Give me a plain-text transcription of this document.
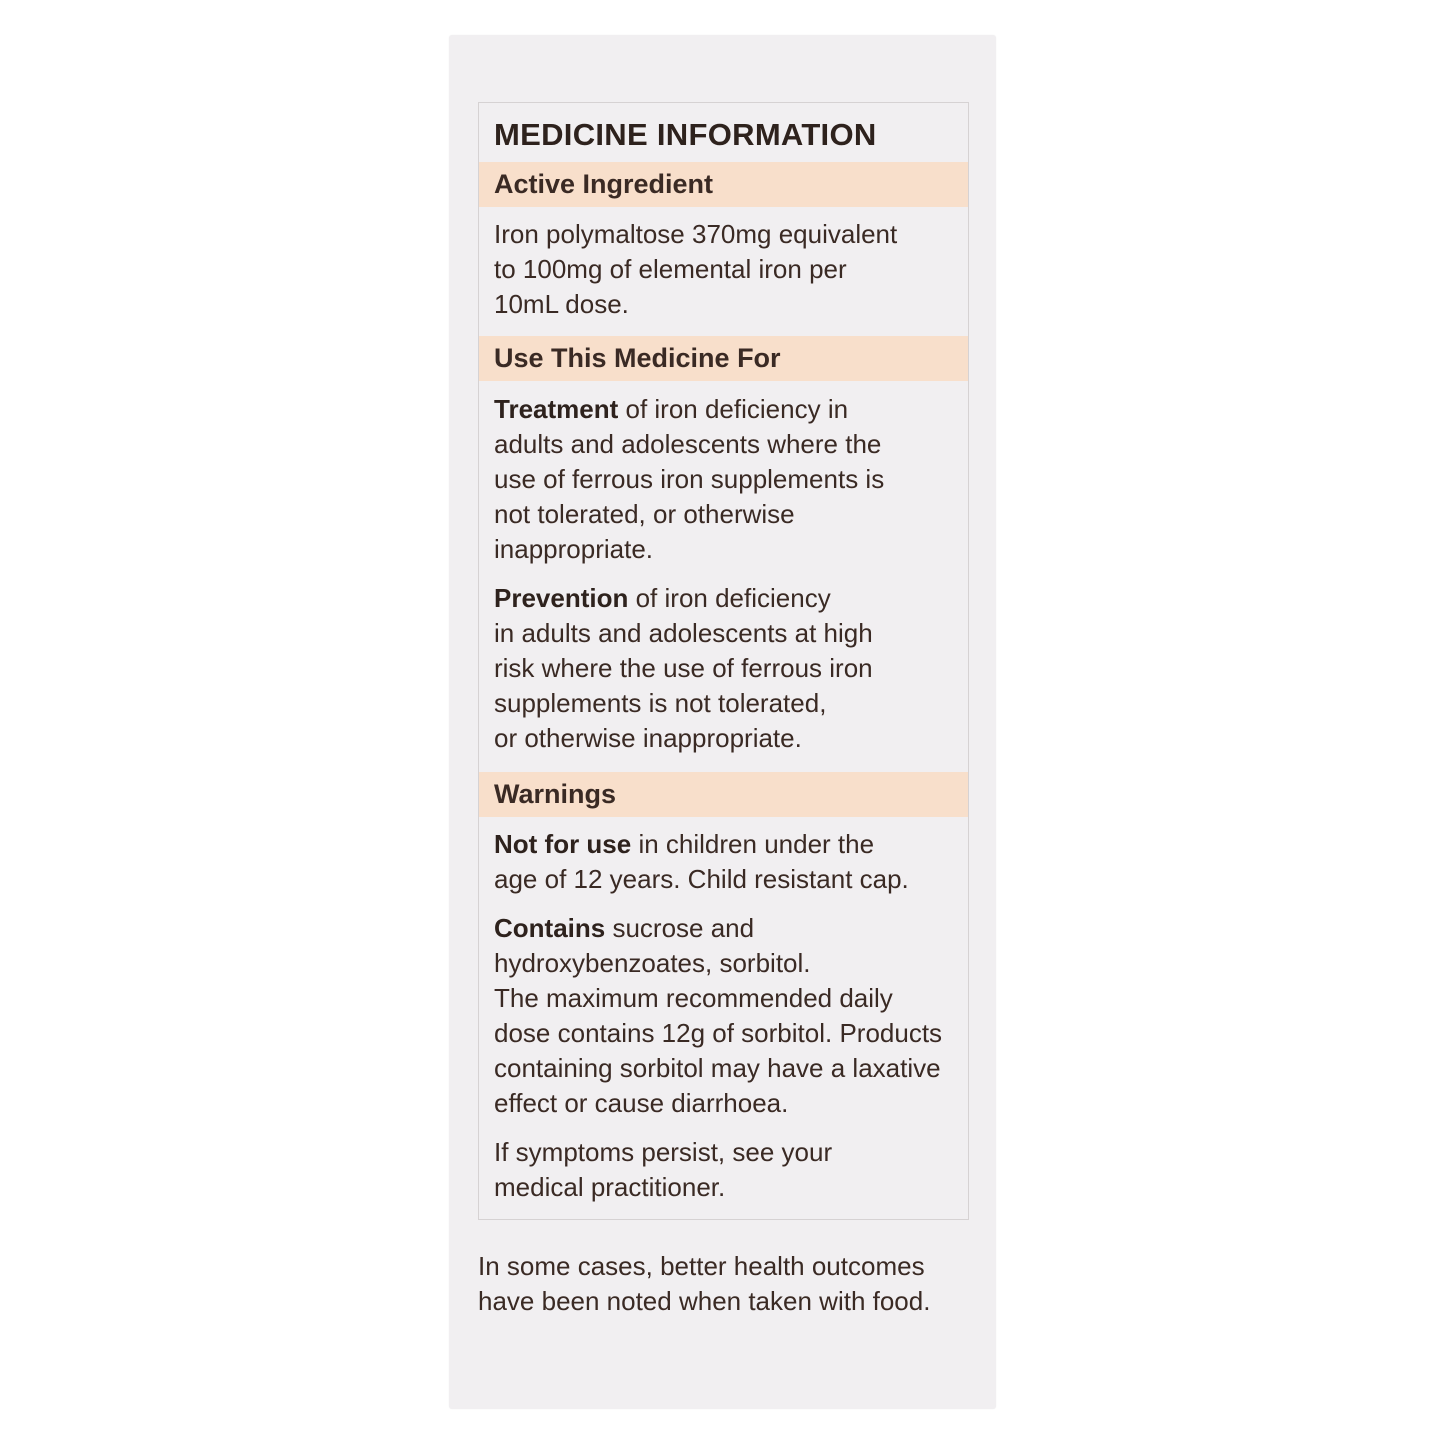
MEDICINE INFORMATION
Active Ingredient

Iron polymaltose 370mg equivalent
to 100mg of elemental iron per
10mL dose.

Use This Medicine For

Treatment of iron deficiency in
adults and adolescents where the
use of ferrous iron supplements is
not tolerated, or otherwise
inappropriate.

Prevention of iron deficiency
in adults and adolescents at high
risk where the use of ferrous iron
supplements is not tolerated,
or otherwise inappropriate.

Warnings

Not for use in children under the
age of 12 years. Child resistant cap.

Contains sucrose and
hydroxybenzoates, sorbitol.
The maximum recommended daily
dose contains 12g of sorbitol. Products
containing sorbitol may have a laxative
effect or cause diarrhoea.

If symptoms persist, see your
medical practitioner.

In some cases, better health outcomes
have been noted when taken with food.
